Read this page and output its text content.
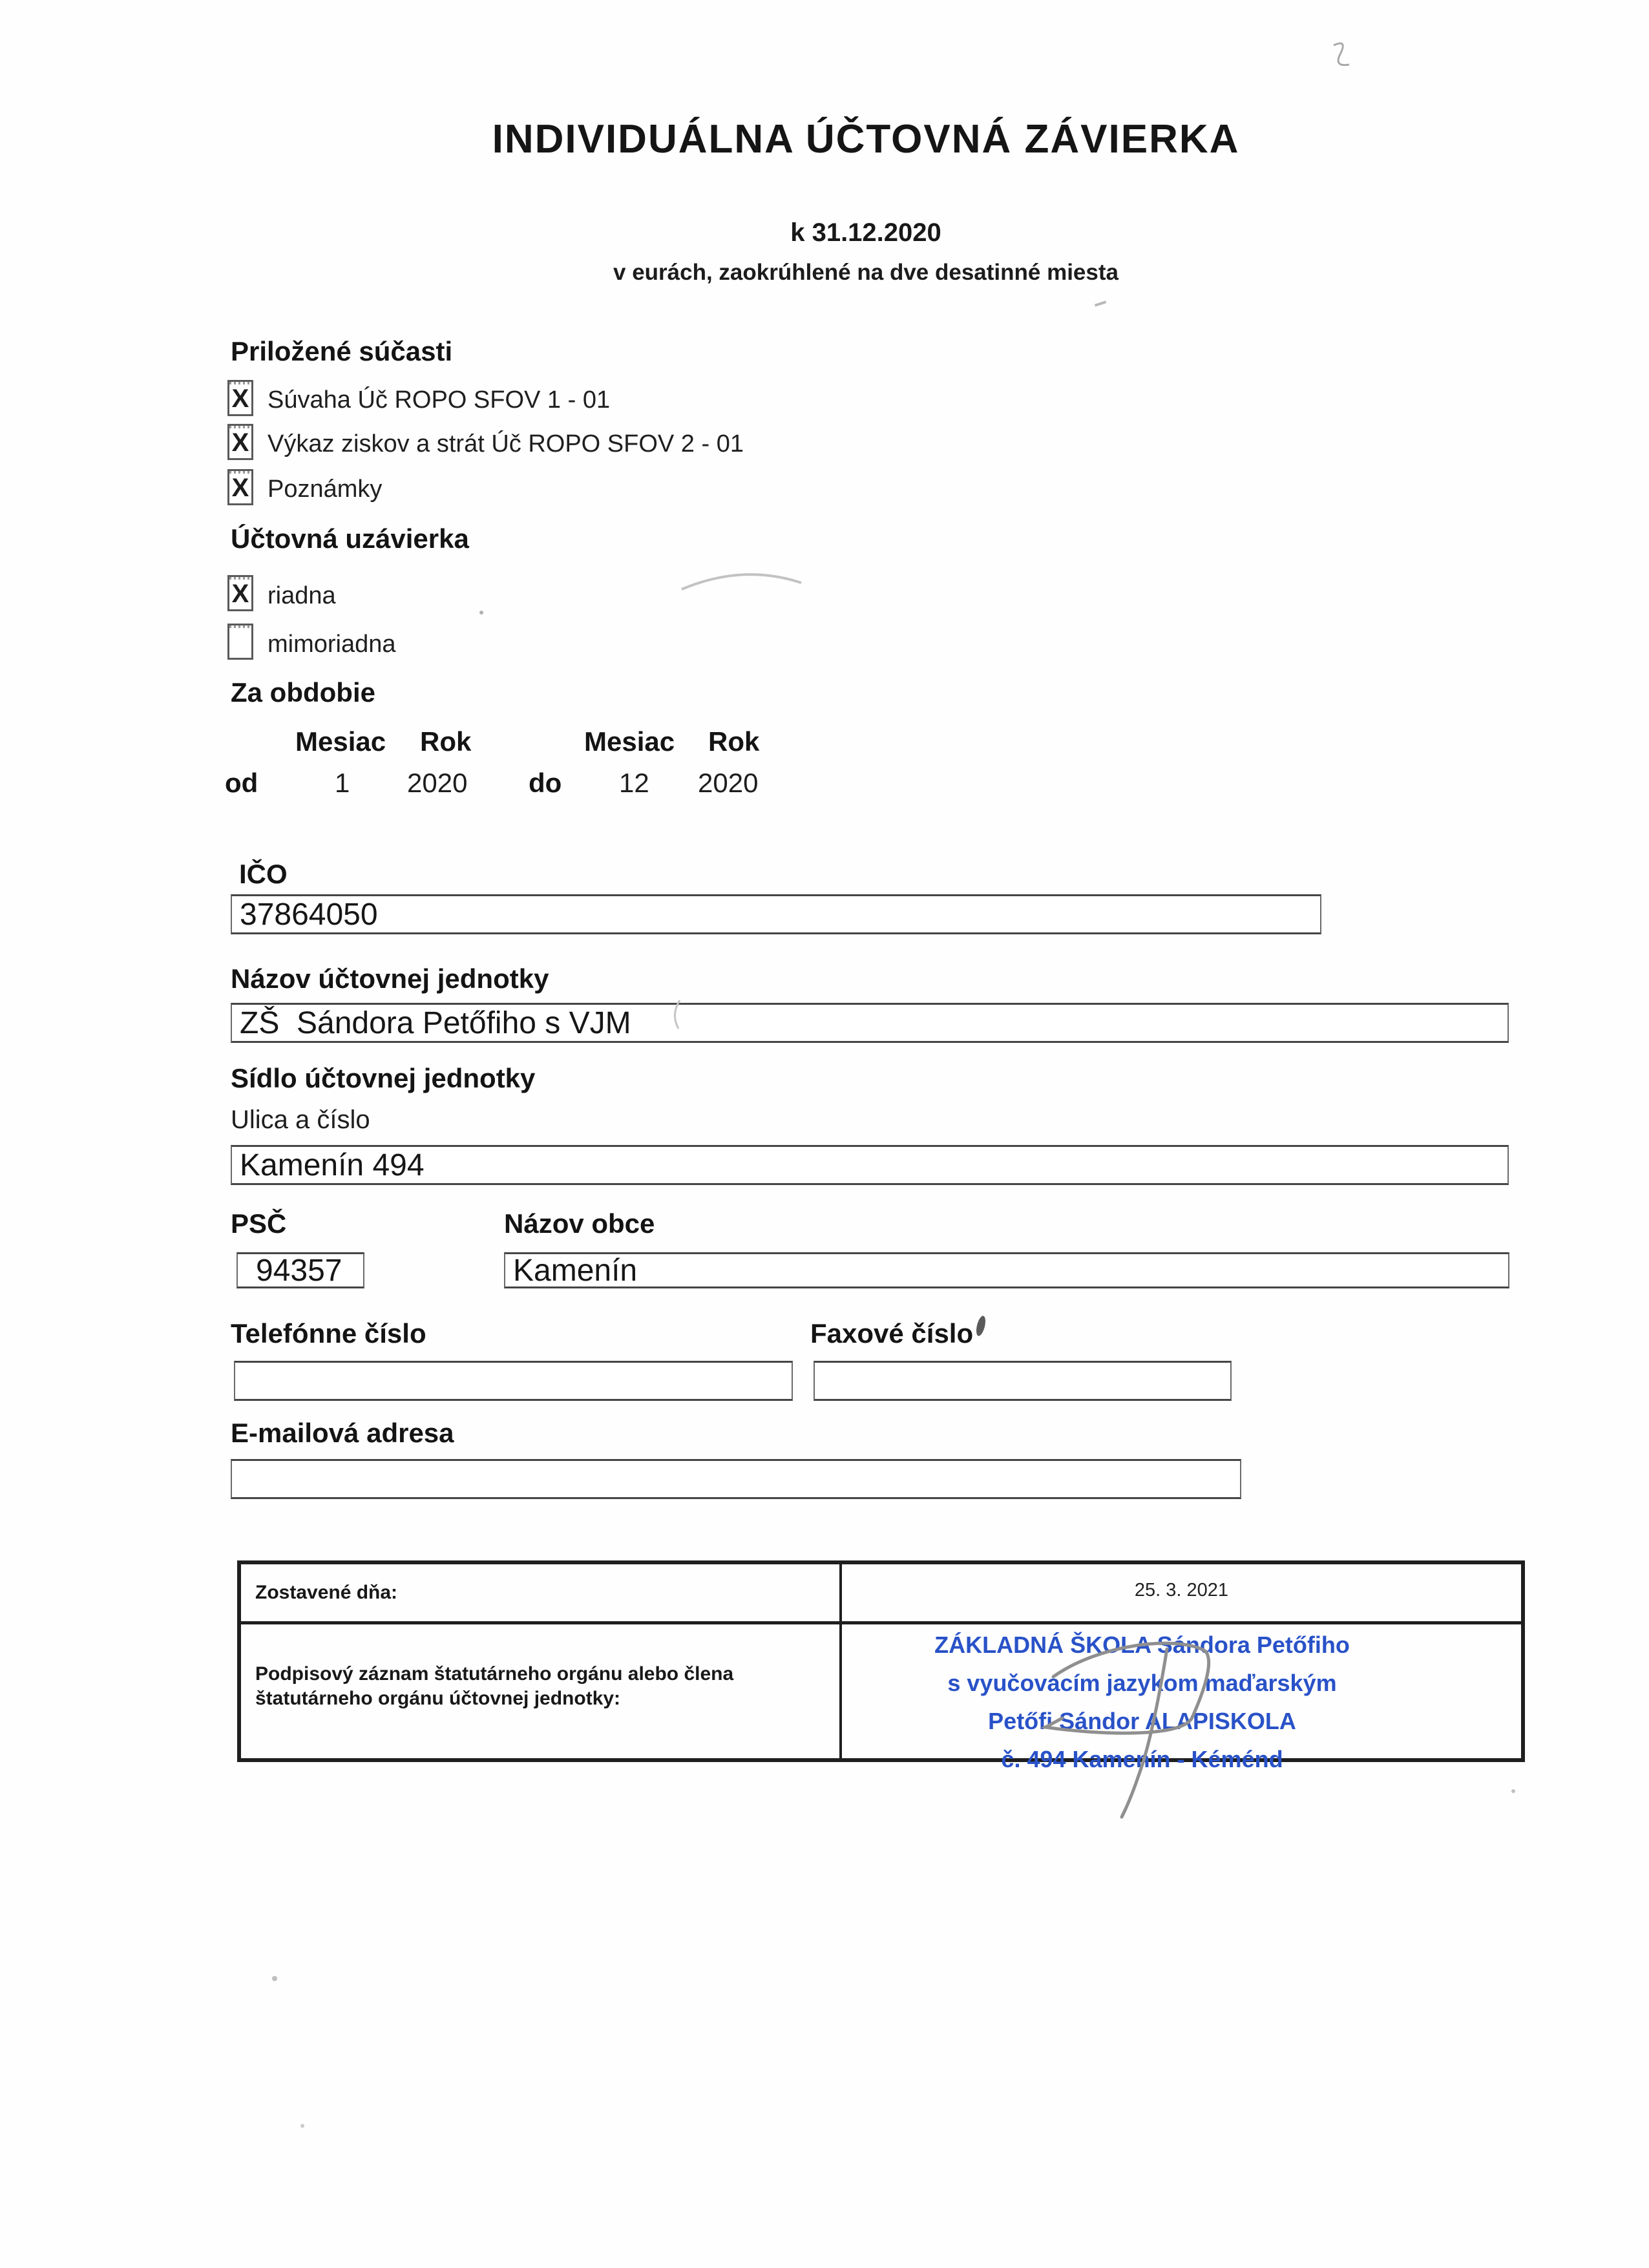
INDIVIDUÁLNA ÚČTOVNÁ ZÁVIERKA
k 31.12.2020
v eurách, zaokrúhlené na dve desatinné miesta
Priložené súčasti
X Súvaha Úč ROPO SFOV 1 - 01
X Výkaz ziskov a strát Úč ROPO SFOV 2 - 01
X Poznámky
Účtovná uzávierka
X riadna
mimoriadna
Za obdobie
Mesiac Rok	Mesiac Rok
od	1 2020 do 12 2020
IČO
37864050
Názov účtovnej jednotky
ZŠ  Sándora Petőfiho s VJM
Sídlo účtovnej jednotky
Ulica a číslo
Kamenín 494
PSČ	Názov obce
94357	Kamenín
Telefónne číslo	Faxové číslo
E-mailová adresa
Zostavené dňa:	25. 3. 2021
Podpisový záznam štatutárneho orgánu alebo člena
štatutárneho orgánu účtovnej jednotky:
ZÁKLADNÁ ŠKOLA Sándora Petőfiho
s vyučovacím jazykom maďarským
Petőfi Sándor ALAPISKOLA
č. 494 Kamenín - Kéménd
